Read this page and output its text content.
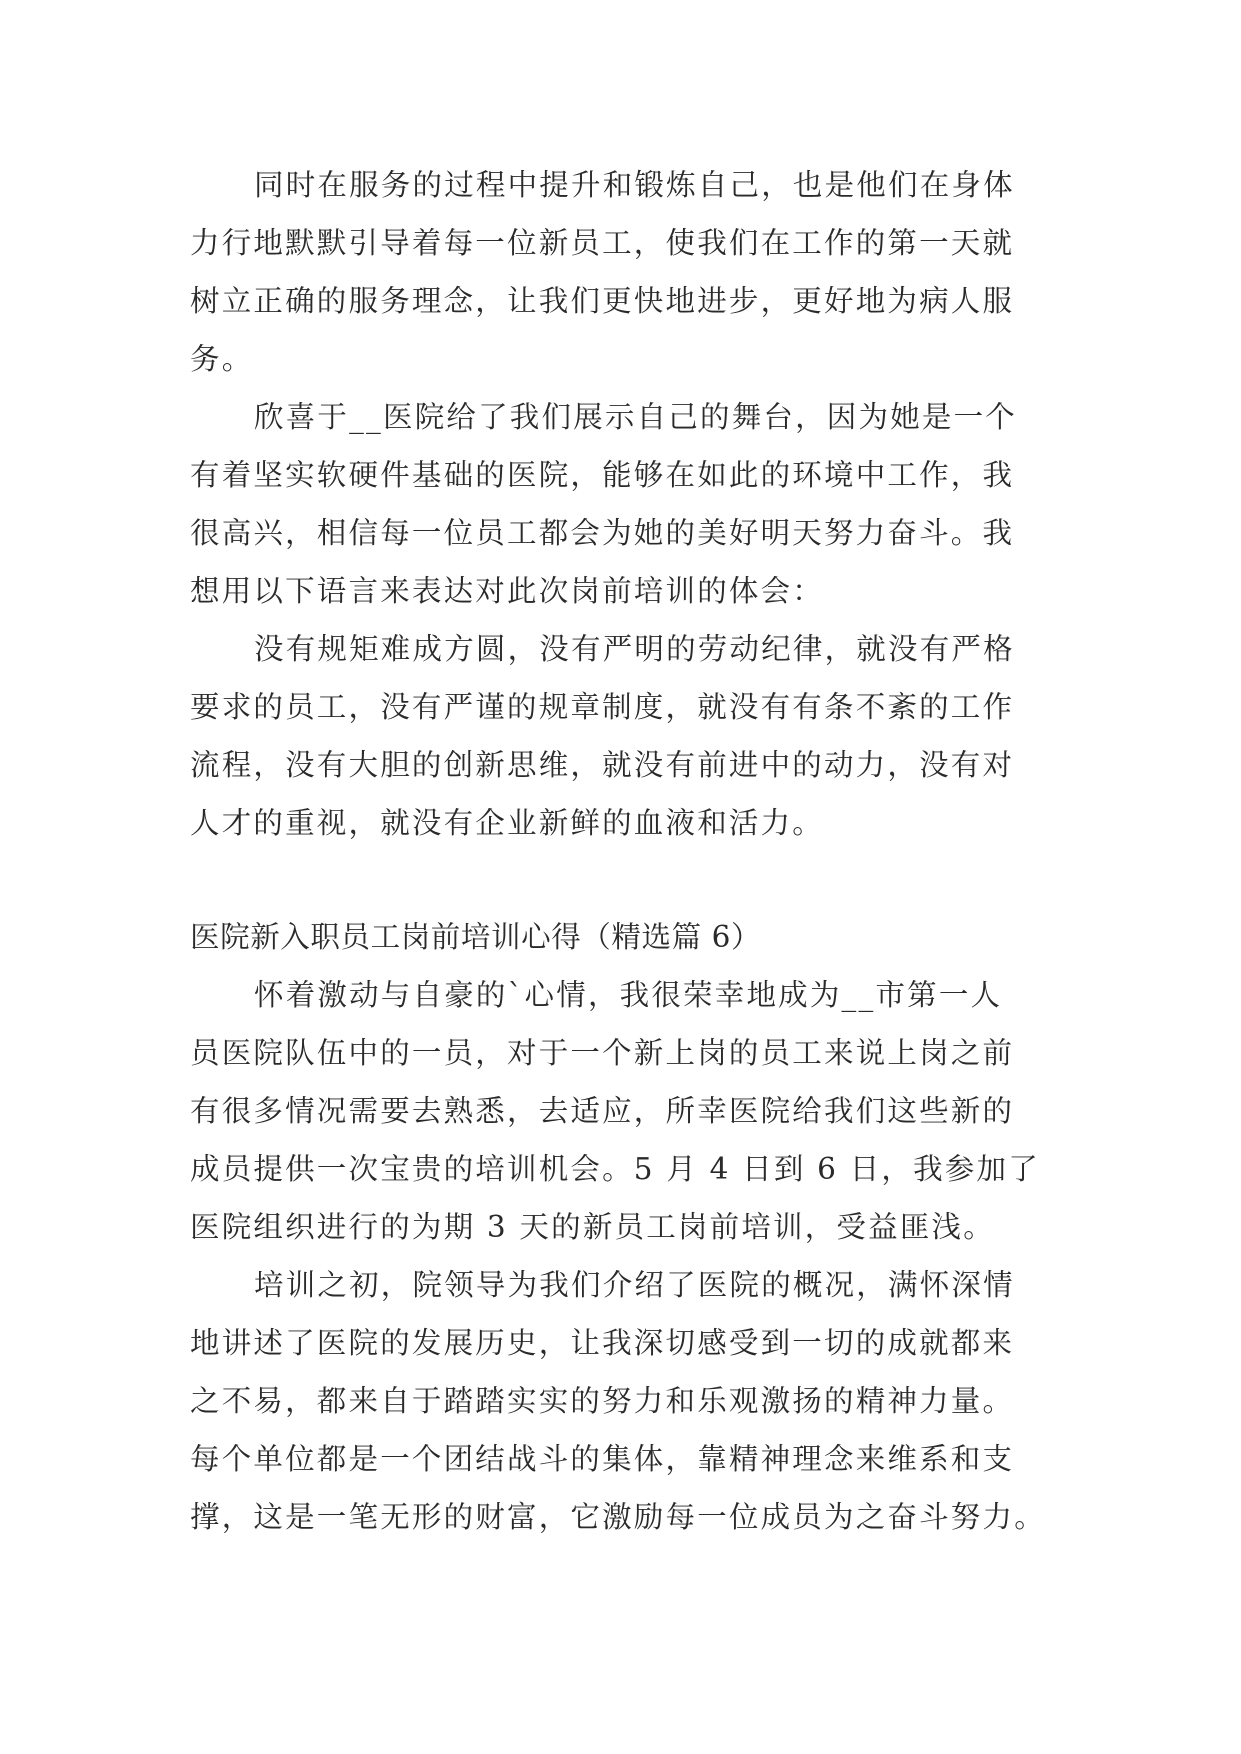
同时在服务的过程中提升和锻炼自己，也是他们在身体
力行地默默引导着每一位新员工，使我们在工作的第一天就
树立正确的服务理念，让我们更快地进步，更好地为病人服
务。
欣喜于__医院给了我们展示自己的舞台，因为她是一个
有着坚实软硬件基础的医院，能够在如此的环境中工作，我
很高兴，相信每一位员工都会为她的美好明天努力奋斗。我
想用以下语言来表达对此次岗前培训的体会：
没有规矩难成方圆，没有严明的劳动纪律，就没有严格
要求的员工，没有严谨的规章制度，就没有有条不紊的工作
流程，没有大胆的创新思维，就没有前进中的动力，没有对
人才的重视，就没有企业新鲜的血液和活力。
医院新入职员工岗前培训心得（精选篇 6）
怀着激动与自豪的`心情，我很荣幸地成为__市第一人
员医院队伍中的一员，对于一个新上岗的员工来说上岗之前
有很多情况需要去熟悉，去适应，所幸医院给我们这些新的
成员提供一次宝贵的培训机会。5 月 4 日到 6 日，我参加了
医院组织进行的为期 3 天的新员工岗前培训，受益匪浅。
培训之初，院领导为我们介绍了医院的概况，满怀深情
地讲述了医院的发展历史，让我深切感受到一切的成就都来
之不易，都来自于踏踏实实的努力和乐观激扬的精神力量。
每个单位都是一个团结战斗的集体，靠精神理念来维系和支
撑，这是一笔无形的财富，它激励每一位成员为之奋斗努力。
